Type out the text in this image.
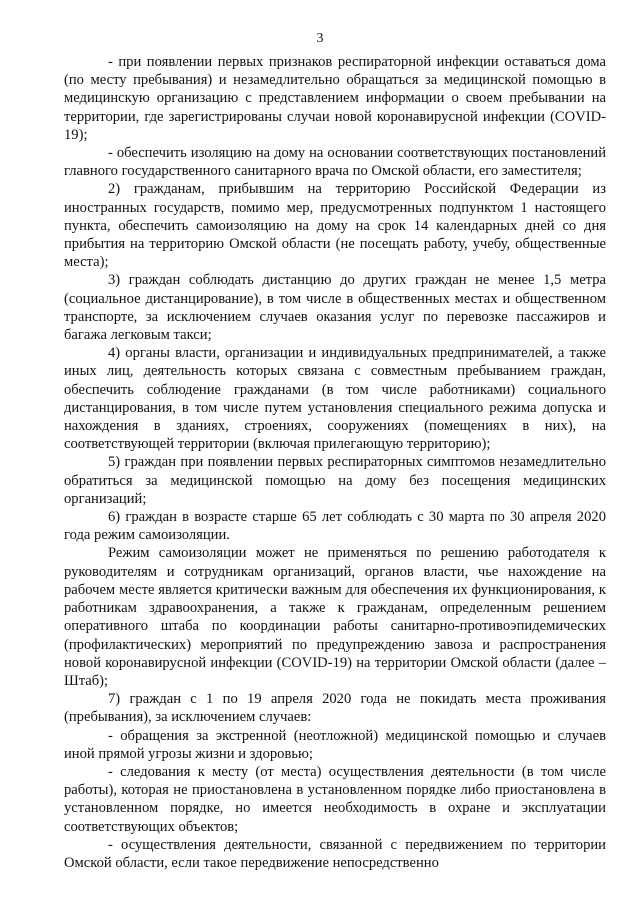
3

- при появлении первых признаков респираторной инфекции оставаться дома (по месту пребывания) и незамедлительно обращаться за медицинской помощью в медицинскую организацию с представлением информации о своем пребывании на территории, где зарегистрированы случаи новой коронавирусной инфекции (COVID-19);

- обеспечить изоляцию на дому на основании соответствующих постановлений главного государственного санитарного врача по Омской области, его заместителя;

2) гражданам, прибывшим на территорию Российской Федерации из иностранных государств, помимо мер, предусмотренных подпунктом 1 настоящего пункта, обеспечить самоизоляцию на дому на срок 14 календарных дней со дня прибытия на территорию Омской области (не посещать работу, учебу, общественные места);

3) граждан соблюдать дистанцию до других граждан не менее 1,5 метра (социальное дистанцирование), в том числе в общественных местах и общественном транспорте, за исключением случаев оказания услуг по перевозке пассажиров и багажа легковым такси;

4) органы власти, организации и индивидуальных предпринимателей, а также иных лиц, деятельность которых связана с совместным пребыванием граждан, обеспечить соблюдение гражданами (в том числе работниками) социального дистанцирования, в том числе путем установления специального режима допуска и нахождения в зданиях, строениях, сооружениях (помещениях в них), на соответствующей территории (включая прилегающую территорию);

5) граждан при появлении первых респираторных симптомов незамедлительно обратиться за медицинской помощью на дому без посещения медицинских организаций;

6) граждан в возрасте старше 65 лет соблюдать с 30 марта по 30 апреля 2020 года режим самоизоляции.

Режим самоизоляции может не применяться по решению работодателя к руководителям и сотрудникам организаций, органов власти, чье нахождение на рабочем месте является критически важным для обеспечения их функционирования, к работникам здравоохранения, а также к гражданам, определенным решением оперативного штаба по координации работы санитарно-противоэпидемических (профилактических) мероприятий по предупреждению завоза и распространения новой коронавирусной инфекции (COVID-19) на территории Омской области (далее – Штаб);

7) граждан с 1 по 19 апреля 2020 года не покидать места проживания (пребывания), за исключением случаев:

- обращения за экстренной (неотложной) медицинской помощью и случаев иной прямой угрозы жизни и здоровью;

- следования к месту (от места) осуществления деятельности (в том числе работы), которая не приостановлена в установленном порядке либо приостановлена в установленном порядке, но имеется необходимость в охране и эксплуатации соответствующих объектов;

- осуществления деятельности, связанной с передвижением по территории Омской области, если такое передвижение непосредственно
